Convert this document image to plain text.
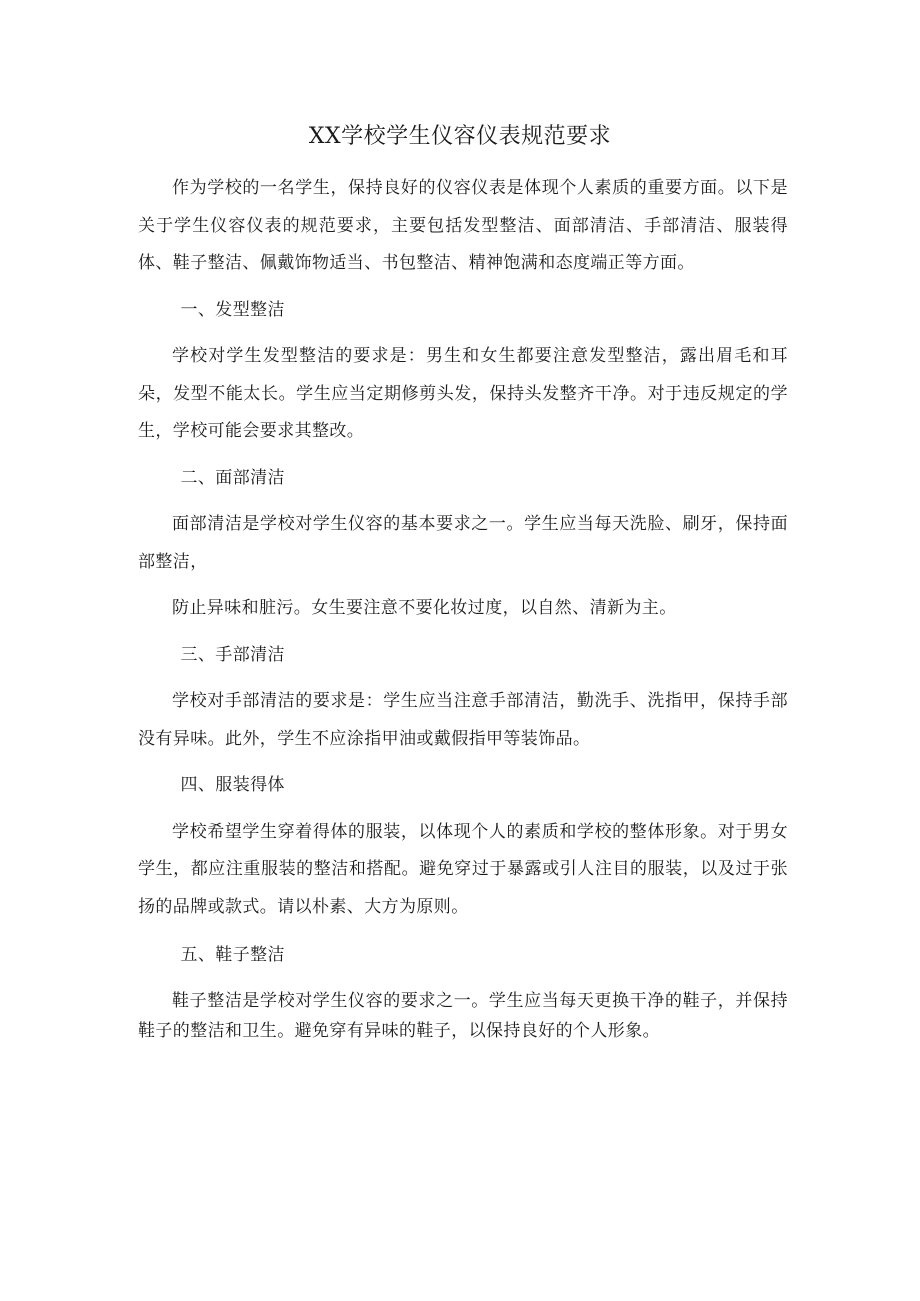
XX学校学生仪容仪表规范要求

作为学校的一名学生，保持良好的仪容仪表是体现个人素质的重要方面。以下是关于学生仪容仪表的规范要求，主要包括发型整洁、面部清洁、手部清洁、服装得体、鞋子整洁、佩戴饰物适当、书包整洁、精神饱满和态度端正等方面。

一、发型整洁

学校对学生发型整洁的要求是：男生和女生都要注意发型整洁，露出眉毛和耳朵，发型不能太长。学生应当定期修剪头发，保持头发整齐干净。对于违反规定的学生，学校可能会要求其整改。

二、面部清洁

面部清洁是学校对学生仪容的基本要求之一。学生应当每天洗脸、刷牙，保持面部整洁，

防止异味和脏污。女生要注意不要化妆过度，以自然、清新为主。

三、手部清洁

学校对手部清洁的要求是：学生应当注意手部清洁，勤洗手、洗指甲，保持手部没有异味。此外，学生不应涂指甲油或戴假指甲等装饰品。

四、服装得体

学校希望学生穿着得体的服装，以体现个人的素质和学校的整体形象。对于男女学生，都应注重服装的整洁和搭配。避免穿过于暴露或引人注目的服装，以及过于张扬的品牌或款式。请以朴素、大方为原则。

五、鞋子整洁

鞋子整洁是学校对学生仪容的要求之一。学生应当每天更换干净的鞋子，并保持鞋子的整洁和卫生。避免穿有异味的鞋子，以保持良好的个人形象。
